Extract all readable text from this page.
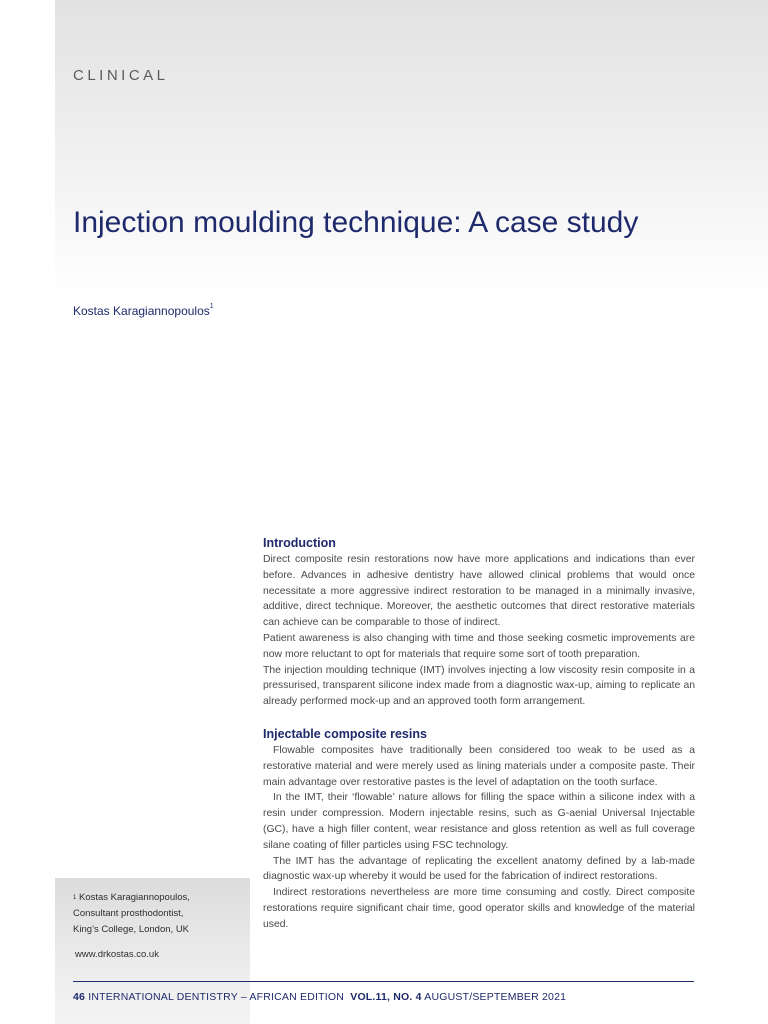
CLINICAL
Injection moulding technique: A case study
Kostas Karagiannopoulos$^1$
Introduction

Direct composite resin restorations now have more applications and indications than ever before. Advances in adhesive dentistry have allowed clinical problems that would once necessitate a more aggressive indirect restoration to be managed in a minimally invasive, additive, direct technique. Moreover, the aesthetic outcomes that direct restorative materials can achieve can be comparable to those of indirect.

Patient awareness is also changing with time and those seeking cosmetic improvements are now more reluctant to opt for materials that require some sort of tooth preparation.

The injection moulding technique (IMT) involves injecting a low viscosity resin composite in a pressurised, transparent silicone index made from a diagnostic wax-up, aiming to replicate an already performed mock-up and an approved tooth form arrangement.

Injectable composite resins

Flowable composites have traditionally been considered too weak to be used as a restorative material and were merely used as lining materials under a composite paste. Their main advantage over restorative pastes is the level of adaptation on the tooth surface.

In the IMT, their ‘flowable’ nature allows for filling the space within a silicone index with a resin under compression. Modern injectable resins, such as G-aenial Universal Injectable (GC), have a high filler content, wear resistance and gloss retention as well as full coverage silane coating of filler particles using FSC technology.

The IMT has the advantage of replicating the excellent anatomy defined by a lab-made diagnostic wax-up whereby it would be used for the fabrication of indirect restorations.

Indirect restorations nevertheless are more time consuming and costly. Direct composite restorations require significant chair time, good operator skills and knowledge of the material used.

$^1$ Kostas Karagiannopoulos,
Consultant prosthodontist,
King’s College, London, UK
www.drkostas.co.uk
46 INTERNATIONAL DENTISTRY – AFRICAN EDITION VOL.11, NO. 4 AUGUST/SEPTEMBER 2021
